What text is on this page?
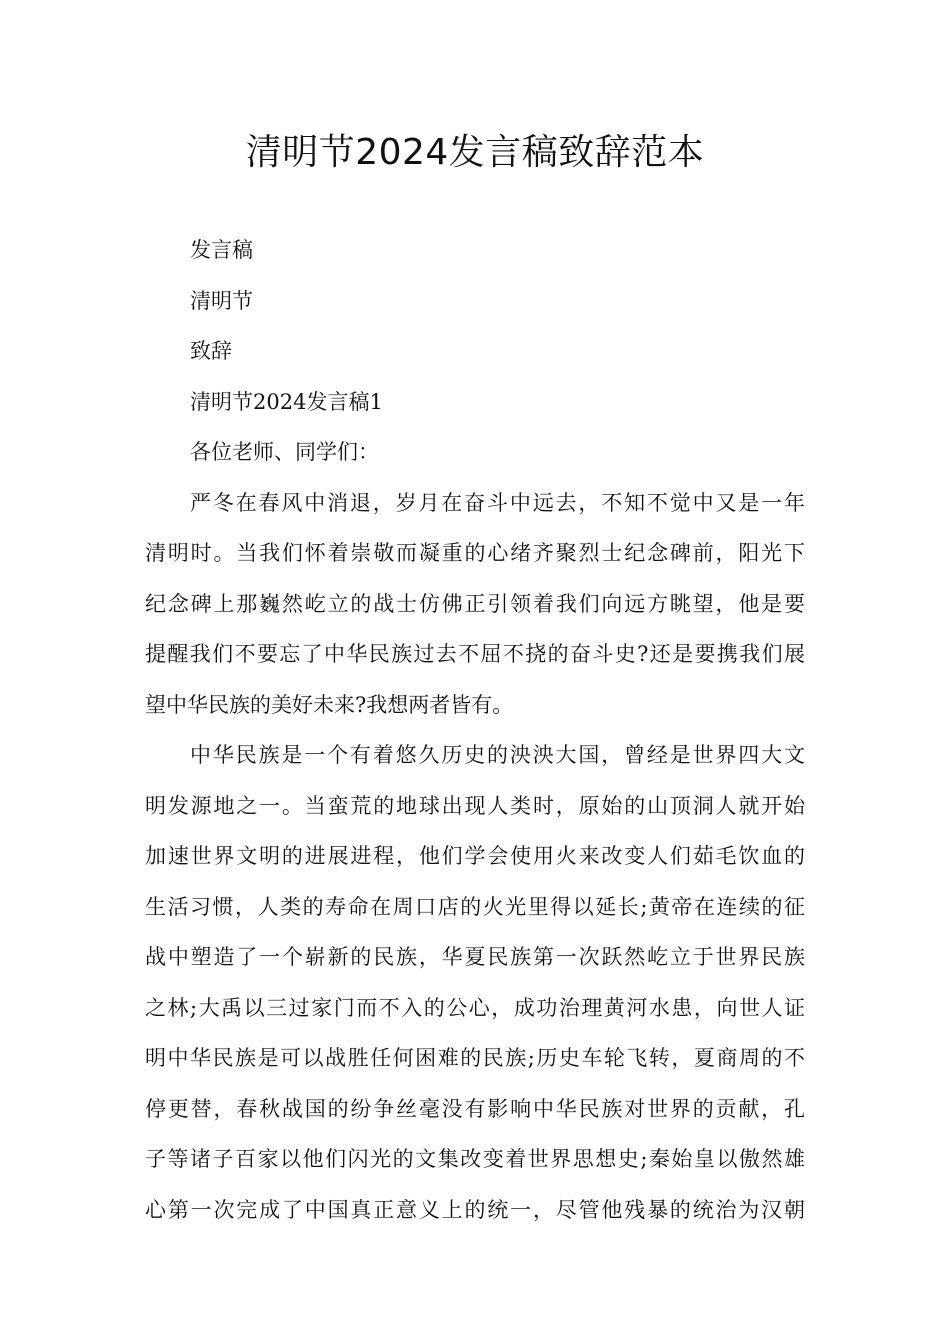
清明节2024发言稿致辞范本

发言稿

清明节

致辞

清明节2024发言稿1

各位老师、同学们：

严冬在春风中消退，岁月在奋斗中远去，不知不觉中又是一年

清明时。当我们怀着崇敬而凝重的心绪齐聚烈士纪念碑前，阳光下

纪念碑上那巍然屹立的战士仿佛正引领着我们向远方眺望，他是要

提醒我们不要忘了中华民族过去不屈不挠的奋斗史?还是要携我们展

望中华民族的美好未来?我想两者皆有。

中华民族是一个有着悠久历史的泱泱大国，曾经是世界四大文

明发源地之一。当蛮荒的地球出现人类时，原始的山顶洞人就开始

加速世界文明的进展进程，他们学会使用火来改变人们茹毛饮血的

生活习惯，人类的寿命在周口店的火光里得以延长;黄帝在连续的征

战中塑造了一个崭新的民族，华夏民族第一次跃然屹立于世界民族

之林;大禹以三过家门而不入的公心，成功治理黄河水患，向世人证

明中华民族是可以战胜任何困难的民族;历史车轮飞转，夏商周的不

停更替，春秋战国的纷争丝毫没有影响中华民族对世界的贡献，孔

子等诸子百家以他们闪光的文集改变着世界思想史;秦始皇以傲然雄

心第一次完成了中国真正意义上的统一，尽管他残暴的统治为汉朝
